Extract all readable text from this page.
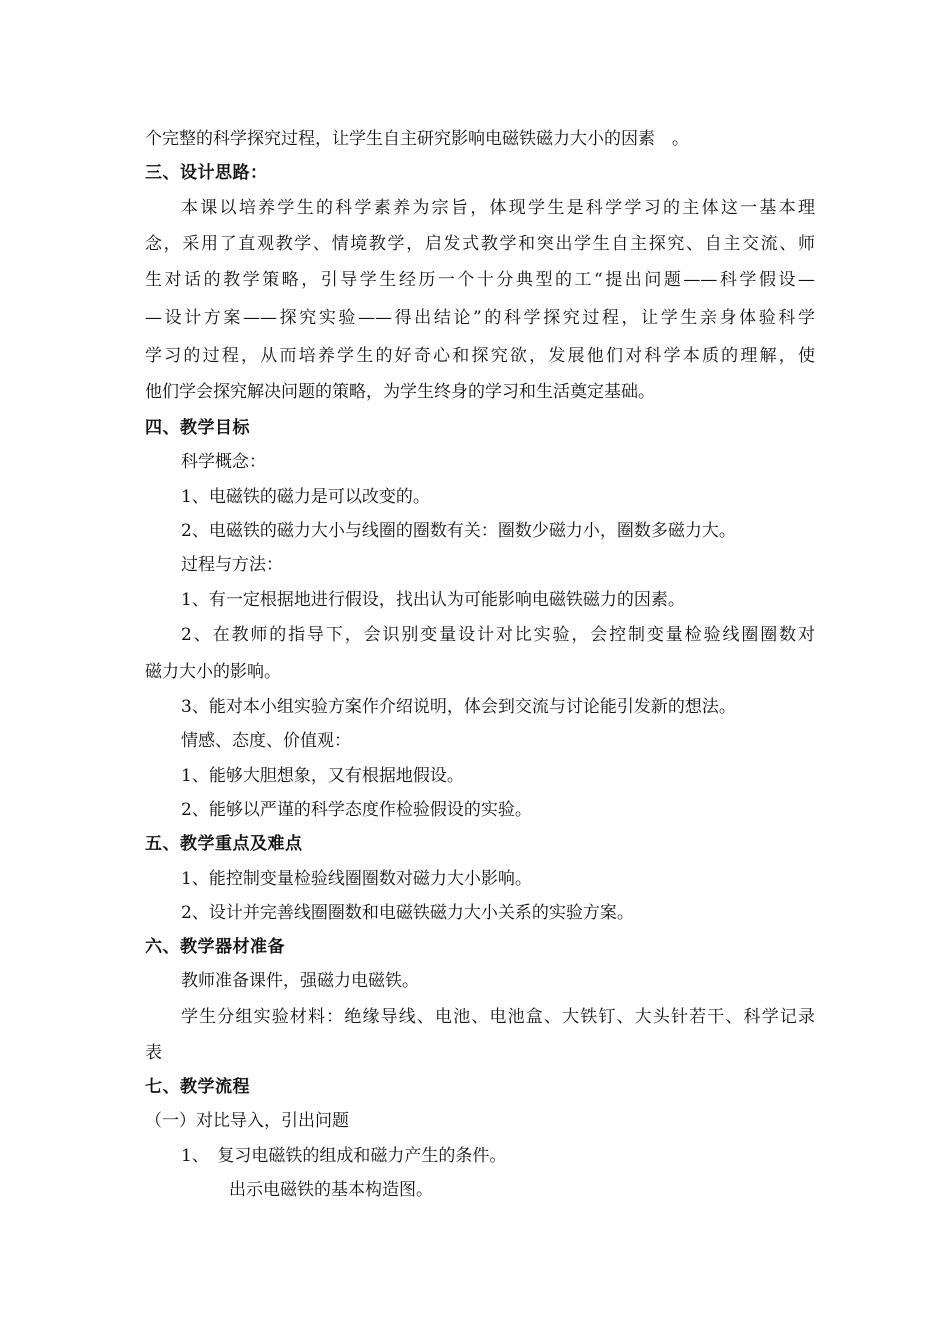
个完整的科学探究过程，让学生自主研究影响电磁铁磁力大小的因素　。
三、设计思路：
本课以培养学生的科学素养为宗旨，体现学生是科学学习的主体这一基本理
念，采用了直观教学、情境教学，启发式教学和突出学生自主探究、自主交流、师
生对话的教学策略，引导学生经历一个十分典型的工“提出问题——科学假设—
—设计方案——探究实验——得出结论”的科学探究过程，让学生亲身体验科学
学习的过程，从而培养学生的好奇心和探究欲，发展他们对科学本质的理解，使
他们学会探究解决问题的策略，为学生终身的学习和生活奠定基础。
四、教学目标
科学概念：
1、电磁铁的磁力是可以改变的。
2、电磁铁的磁力大小与线圈的圈数有关：圈数少磁力小，圈数多磁力大。
过程与方法：
1、有一定根据地进行假设，找出认为可能影响电磁铁磁力的因素。
2、在教师的指导下，会识别变量设计对比实验，会控制变量检验线圈圈数对
磁力大小的影响。
3、能对本小组实验方案作介绍说明，体会到交流与讨论能引发新的想法。
情感、态度、价值观：
1、能够大胆想象，又有根据地假设。
2、能够以严谨的科学态度作检验假设的实验。
五、教学重点及难点
1、能控制变量检验线圈圈数对磁力大小影响。
2、设计并完善线圈圈数和电磁铁磁力大小关系的实验方案。
六、教学器材准备
教师准备课件，强磁力电磁铁。
学生分组实验材料：绝缘导线、电池、电池盒、大铁钉、大头针若干、科学记录
表
七、教学流程
（一）对比导入，引出问题
1、　复习电磁铁的组成和磁力产生的条件。
出示电磁铁的基本构造图。
